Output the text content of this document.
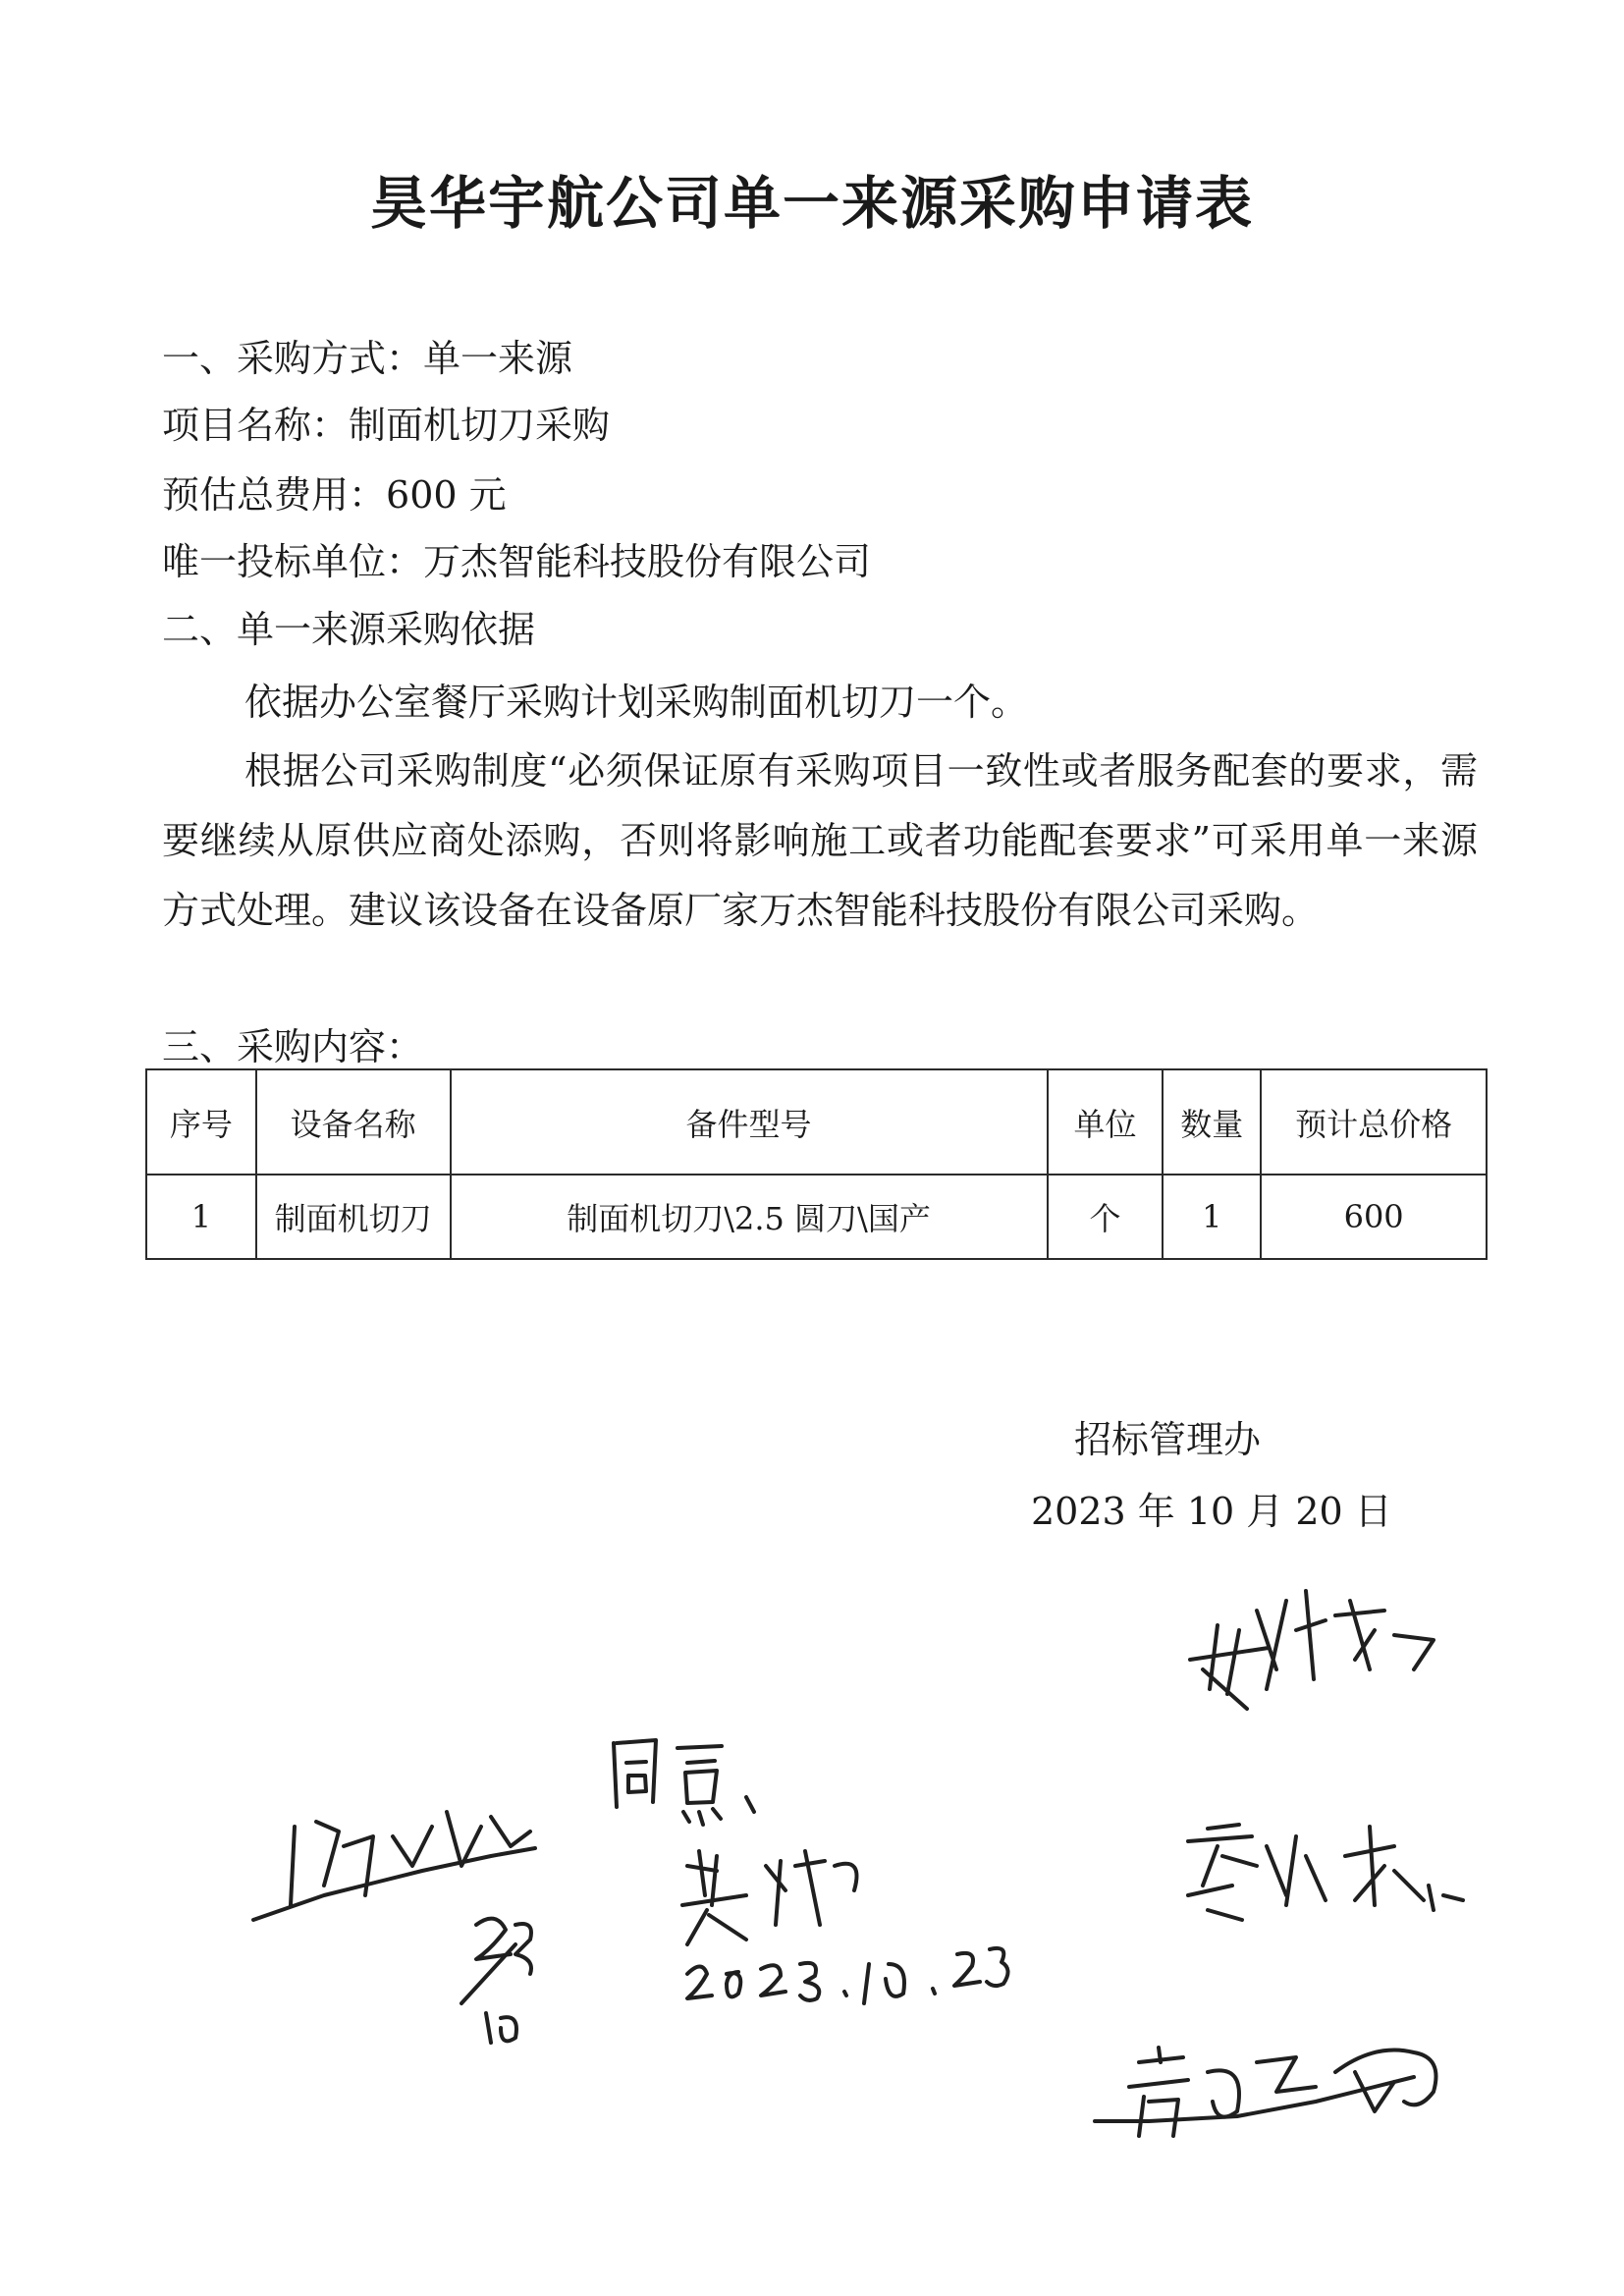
昊华宇航公司单一来源采购申请表
一、采购方式：单一来源
项目名称：制面机切刀采购
预估总费用：600 元
唯一投标单位：万杰智能科技股份有限公司
二、单一来源采购依据
依据办公室餐厅采购计划采购制面机切刀一个。
根据公司采购制度“必须保证原有采购项目一致性或者服务配套的要求，需要继续从原供应商处添购，否则将影响施工或者功能配套要求”可采用单一来源方式处理。建议该设备在设备原厂家万杰智能科技股份有限公司采购。
三、采购内容：
序号	设备名称	备件型号	单位	数量	预计总价格
1	制面机切刀	制面机切刀\2.5 圆刀\国产	个	1	600
招标管理办
2023 年 10 月 20 日
